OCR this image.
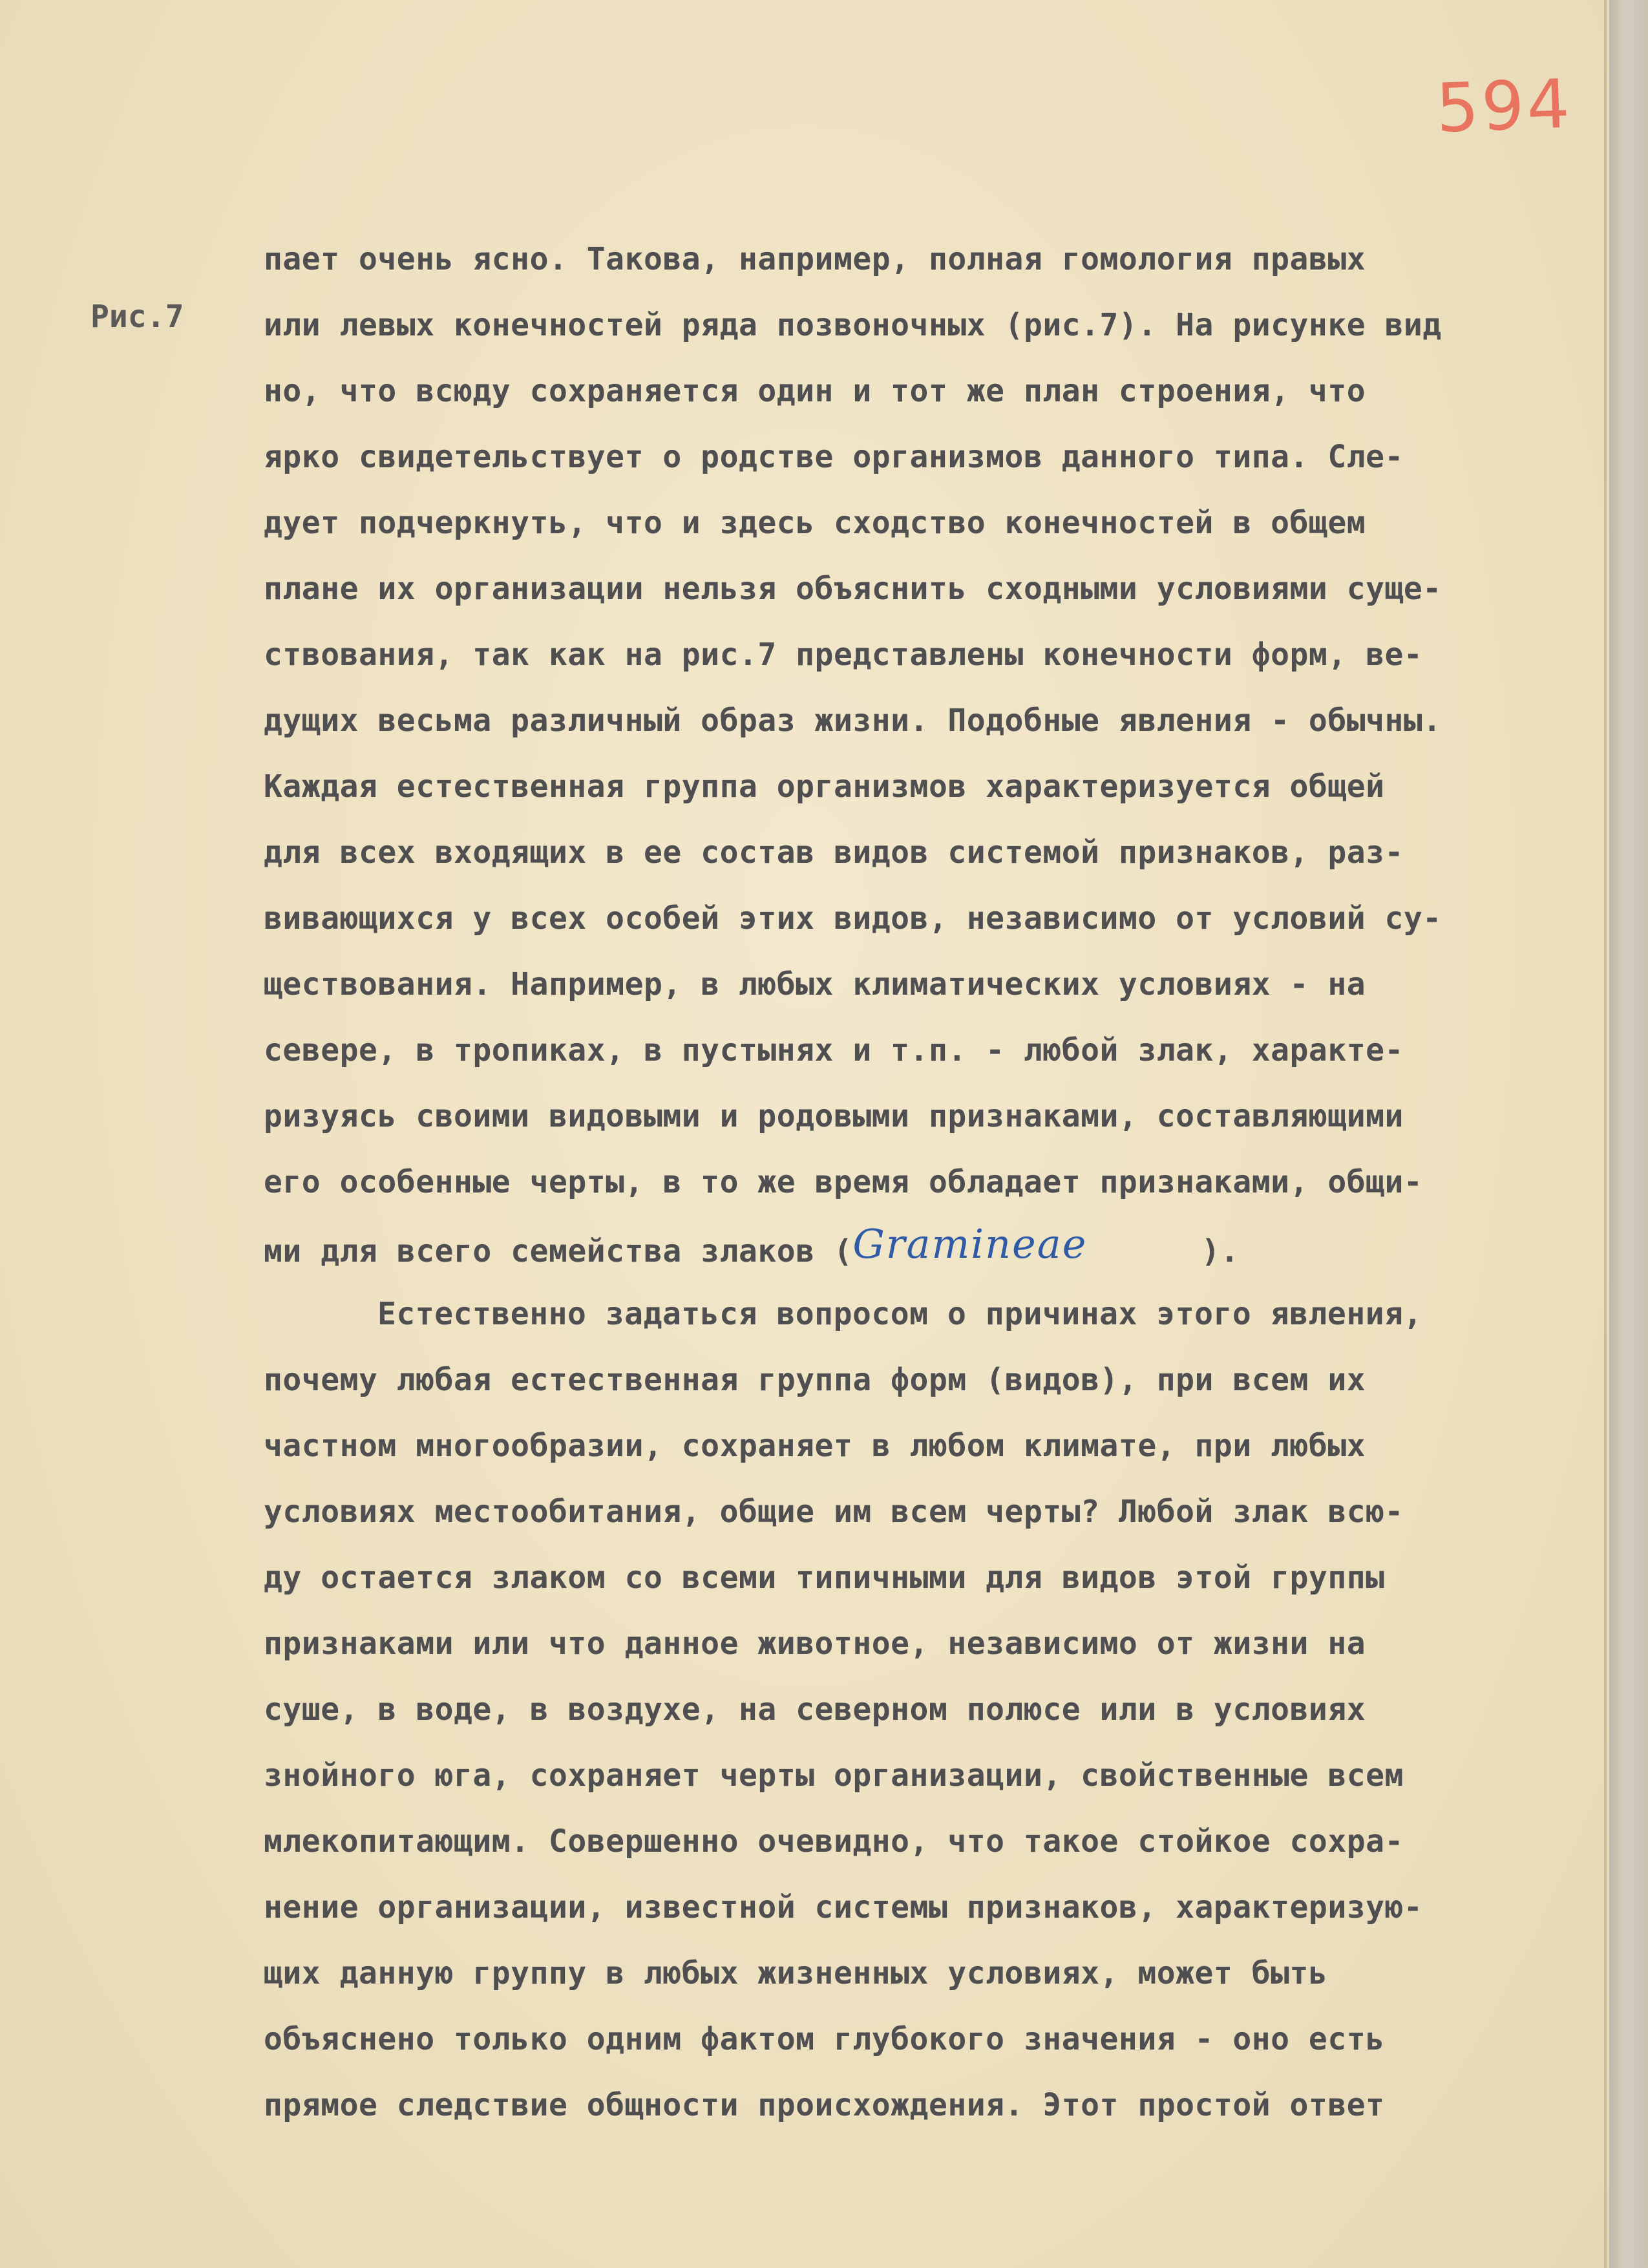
594
Рис.7
пает очень ясно. Такова, например, полная гомология правых
или левых конечностей ряда позвоночных (рис.7). На рисунке вид
но, что всюду сохраняется один и тот же план строения, что
ярко свидетельствует о родстве организмов данного типа. Сле-
дует подчеркнуть, что и здесь сходство конечностей в общем
плане их организации нельзя объяснить сходными условиями суще-
ствования, так как на рис.7 представлены конечности форм, ве-
дущих весьма различный образ жизни. Подобные явления - обычны.
Каждая естественная группа организмов характеризуется общей
для всех входящих в ее состав видов системой признаков, раз-
вивающихся у всех особей этих видов, независимо от условий су-
ществования. Например, в любых климатических условиях - на
севере, в тропиках, в пустынях и т.п. - любой злак, характе-
ризуясь своими видовыми и родовыми признаками, составляющими
его особенные черты, в то же время обладает признаками, общи-
ми для всего семейства злаков (Gramineae      ).
Естественно задаться вопросом о причинах этого явления,
почему любая естественная группа форм (видов), при всем их
частном многообразии, сохраняет в любом климате, при любых
условиях местообитания, общие им всем черты? Любой злак всю-
ду остается злаком со всеми типичными для видов этой группы
признаками или что данное животное, независимо от жизни на
суше, в воде, в воздухе, на северном полюсе или в условиях
знойного юга, сохраняет черты организации, свойственные всем
млекопитающим. Совершенно очевидно, что такое стойкое сохра-
нение организации, известной системы признаков, характеризую-
щих данную группу в любых жизненных условиях, может быть
объяснено только одним фактом глубокого значения - оно есть
прямое следствие общности происхождения. Этот простой ответ
